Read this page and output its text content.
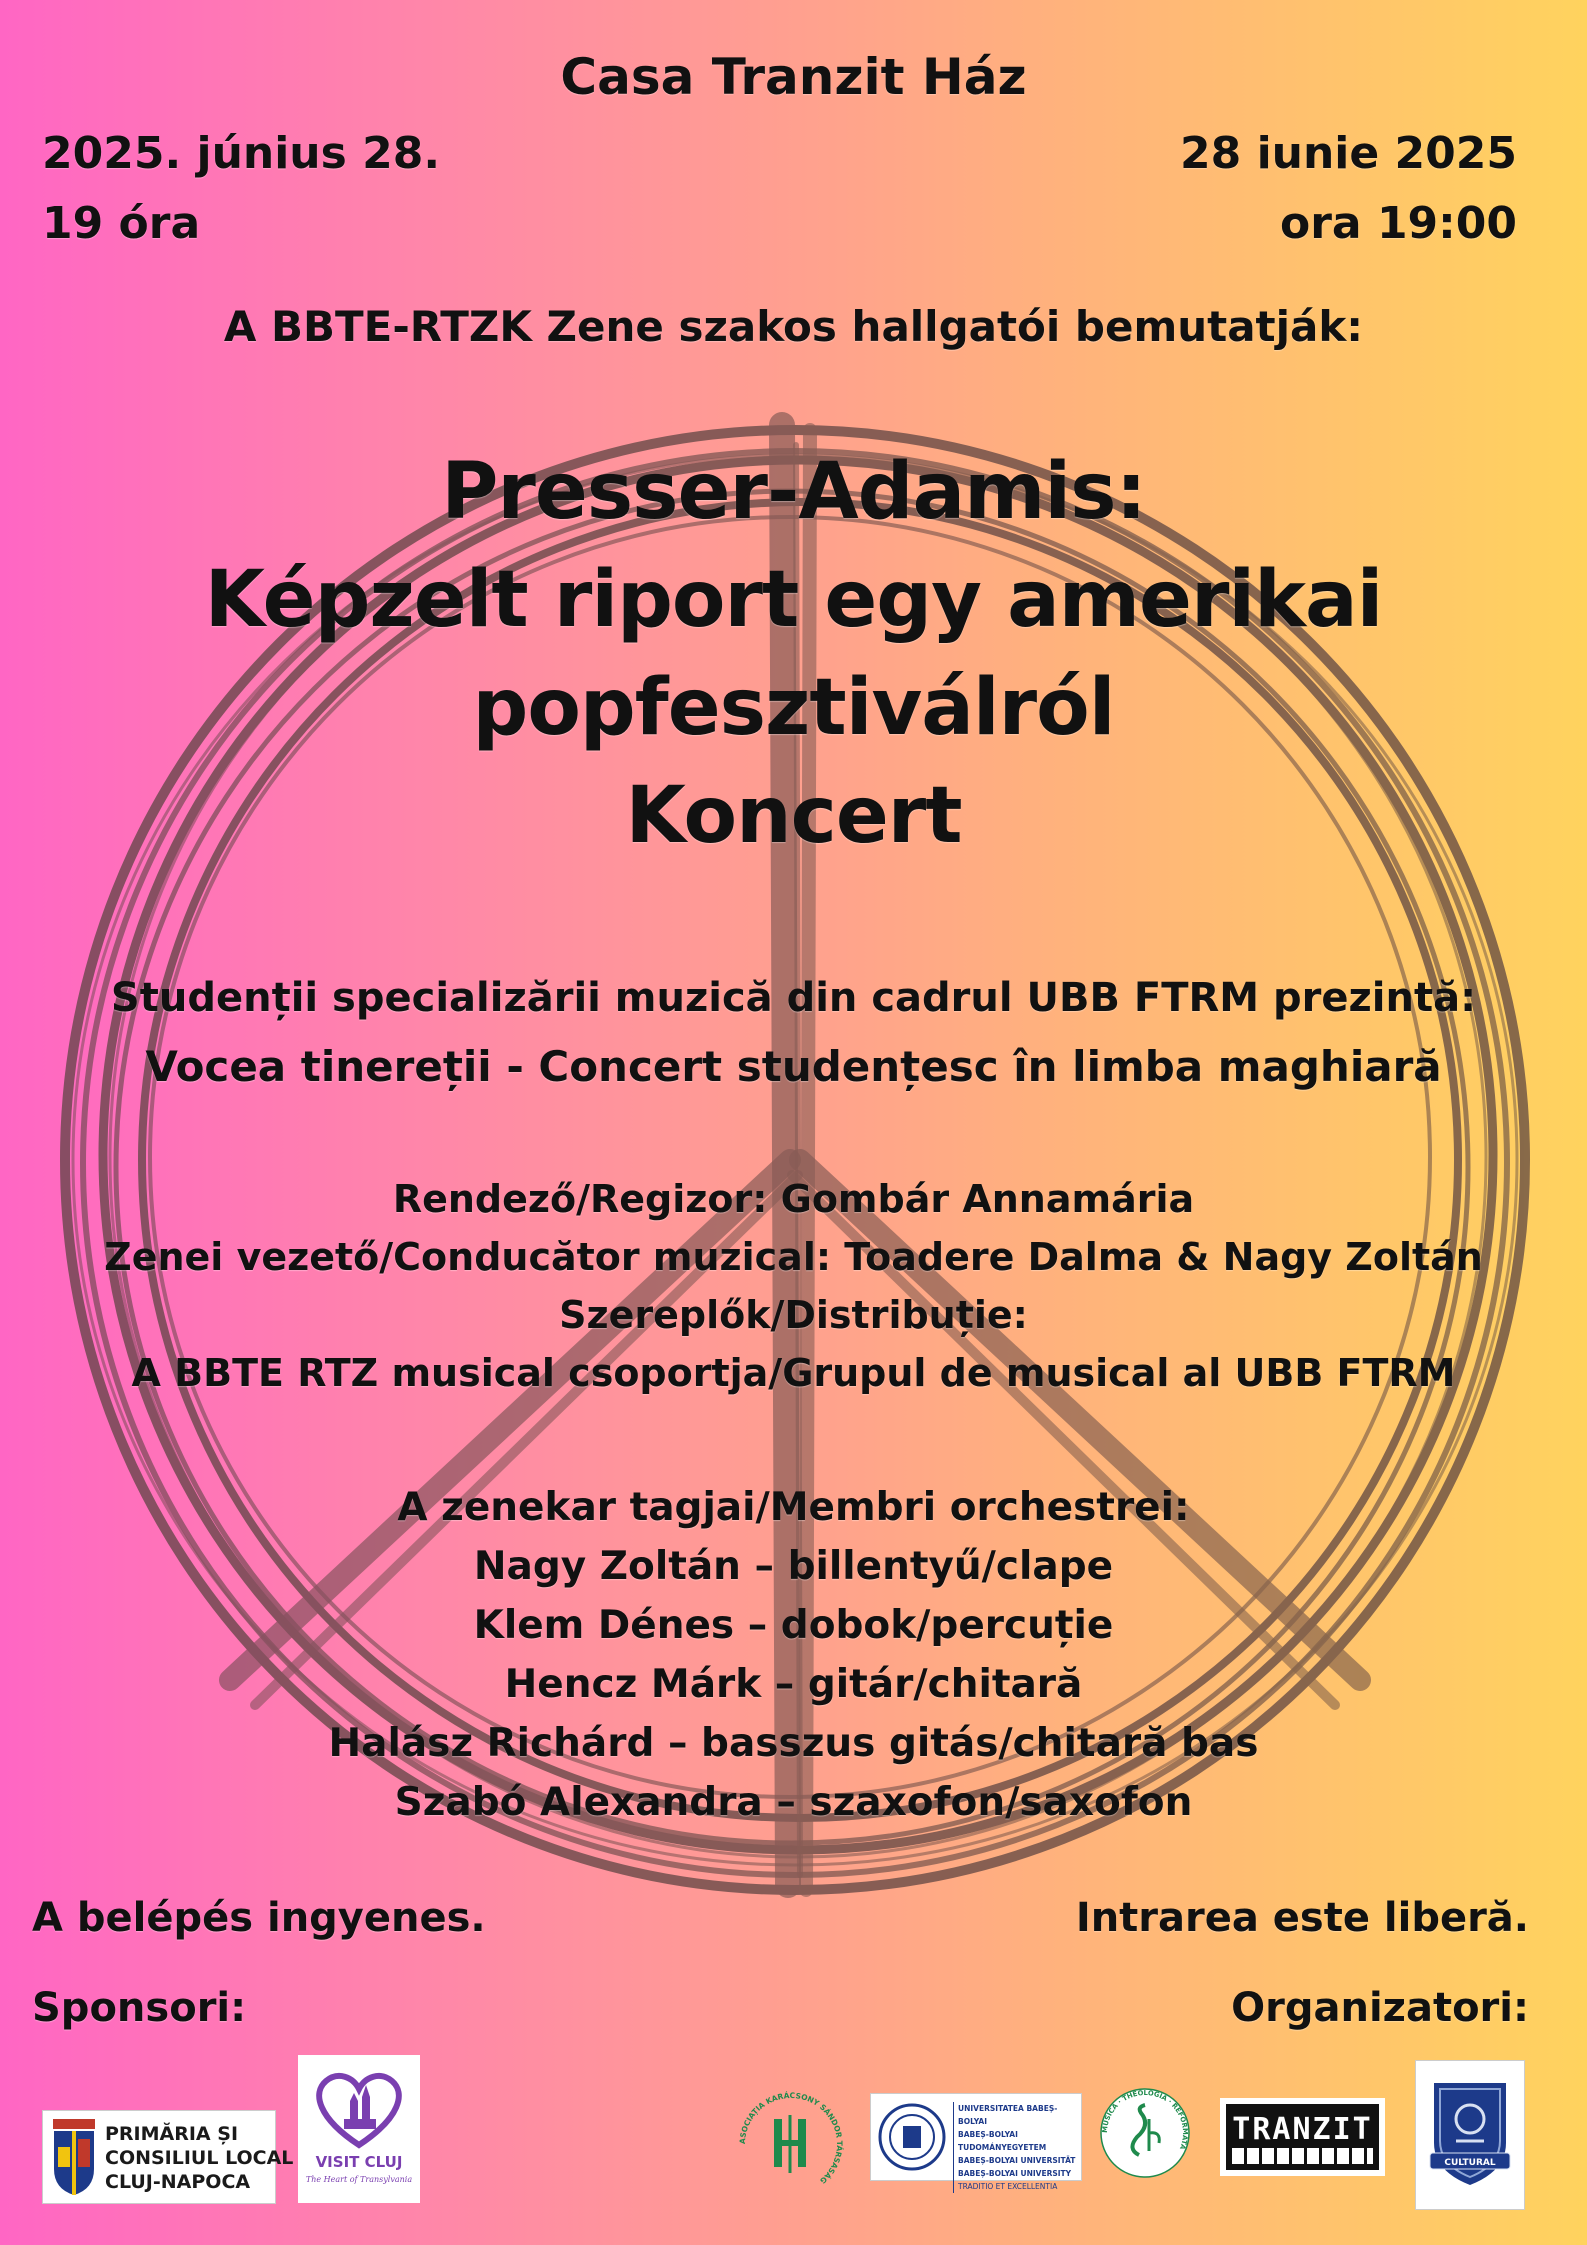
Casa Tranzit Ház
2025. június 28.
19 óra
28 iunie 2025
ora 19:00
A BBTE-RTZK Zene szakos hallgatói bemutatják:
Presser-Adamis:
Képzelt riport egy amerikai
popfesztiválról
Koncert
Studenții specializării muzică din cadrul UBB FTRM prezintă:
Vocea tinereții - Concert studențesc în limba maghiară
Rendező/Regizor: Gombár Annamária
Zenei vezető/Conducător muzical: Toadere Dalma & Nagy Zoltán
Szereplők/Distribuție:
A BBTE RTZ musical csoportja/Grupul de musical al UBB FTRM
A zenekar tagjai/Membri orchestrei:
Nagy Zoltán – billentyű/clape
Klem Dénes – dobok/percuție
Hencz Márk – gitár/chitară
Halász Richárd – basszus gitás/chitară bas
Szabó Alexandra – szaxofon/saxofon
A belépés ingyenes.	Intrarea este liberă.
Sponsori:	Organizatori:
PRIMĂRIA ȘI
CONSILIUL LOCAL
CLUJ-NAPOCA
VISIT CLUJ
The Heart of Transylvania
ASOCIAȚIA KARÁCSONY SÁNDOR TÁRSASÁG
UNIVERSITATEA BABEȘ-BOLYAI
BABEȘ-BOLYAI TUDOMÁNYEGYETEM
BABEȘ-BOLYAI UNIVERSITÄT
BABEȘ-BOLYAI UNIVERSITY
TRADITIO ET EXCELLENTIA
MUSICA · THEOLOGIA · REFORMATA TRANZIT
CULTURAL
